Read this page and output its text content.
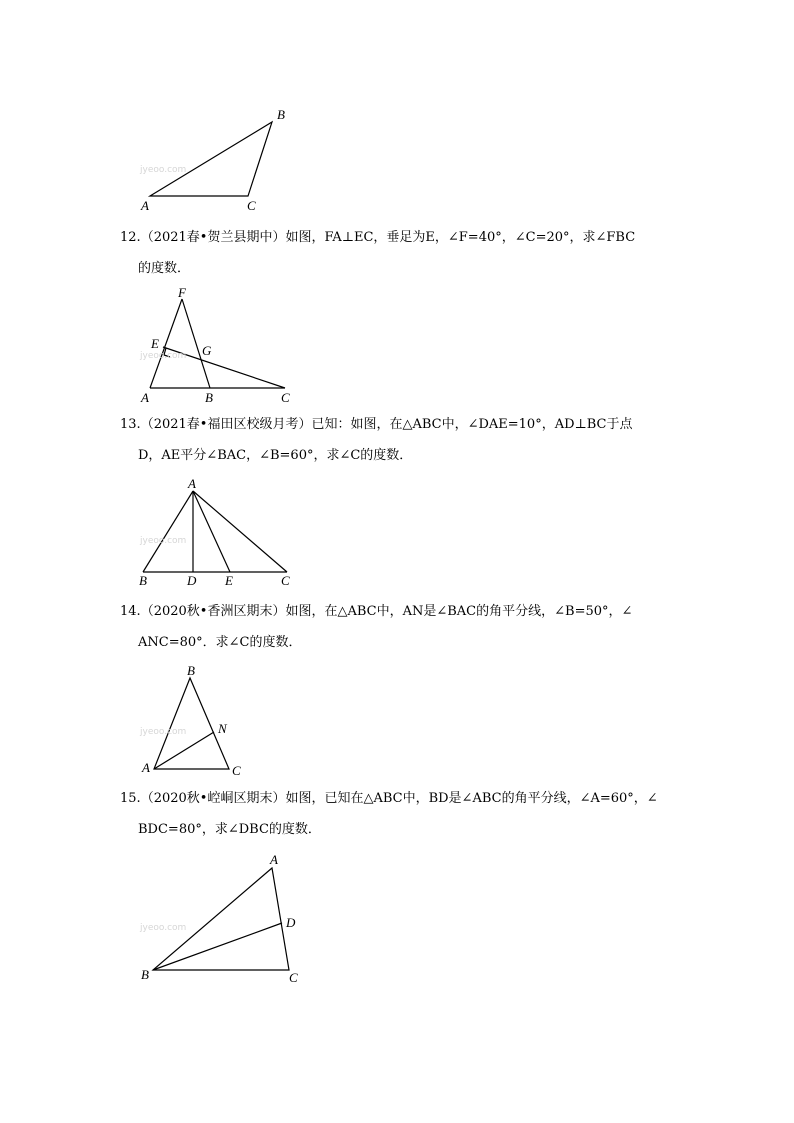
B
A	C
jyeoo.com

12.（2021春•贺兰县期中）如图，FA⊥EC，垂足为E，∠F=40°，∠C=20°，求∠FBC

的度数．

F
E	G
A	B	C
jyeoo.com

13.（2021春•福田区校级月考）已知：如图，在△ABC中，∠DAE=10°，AD⊥BC于点

D，AE平分∠BAC，∠B=60°，求∠C的度数．

A
B	D E	C
jyeoo.com

14.（2020秋•香洲区期末）如图，在△ABC中，AN是∠BAC的角平分线，∠B=50°，∠

ANC=80°．求∠C的度数．

B
N
A	C
jyeoo.com

15.（2020秋•崆峒区期末）如图，已知在△ABC中，BD是∠ABC的角平分线，∠A=60°，∠

BDC=80°，求∠DBC的度数．

A
D
B	C
jyeoo.com
